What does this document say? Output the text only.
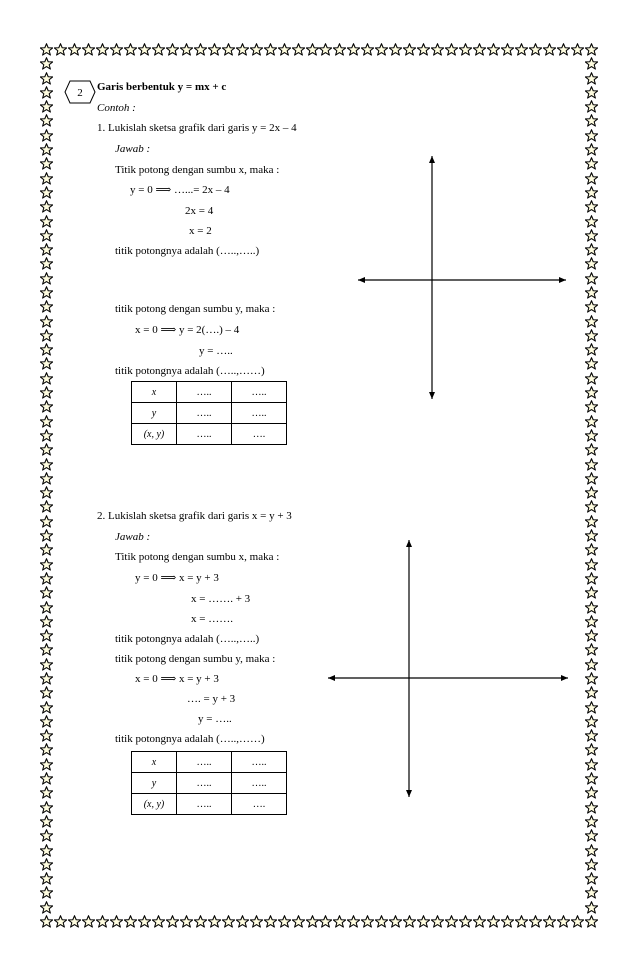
2 Garis berbentuk y = mx + c
Contoh :
1. Lukislah sketsa grafik dari garis y = 2x – 4
Jawab :
Titik potong dengan sumbu x, maka :
y = 0 ⟹ …...= 2x – 4
2x = 4
x = 2
titik potongnya adalah (…..,…..)
titik potong dengan sumbu y, maka :
x = 0 ⟹ y = 2(….) – 4
y = …..
titik potongnya adalah (…..,……)
x	…..	…..
y	…..	…..
(x, y)	…..	….
2. Lukislah sketsa grafik dari garis x = y + 3
Jawab :
Titik potong dengan sumbu x, maka :
y = 0 ⟹ x = y + 3
x = ……. + 3
x = …….
titik potongnya adalah (…..,…..)
titik potong dengan sumbu y, maka :
x = 0 ⟹ x = y + 3
…. = y + 3
y = …..
titik potongnya adalah (…..,……)
x	…..	…..
y	…..	…..
(x, y)	…..	….
